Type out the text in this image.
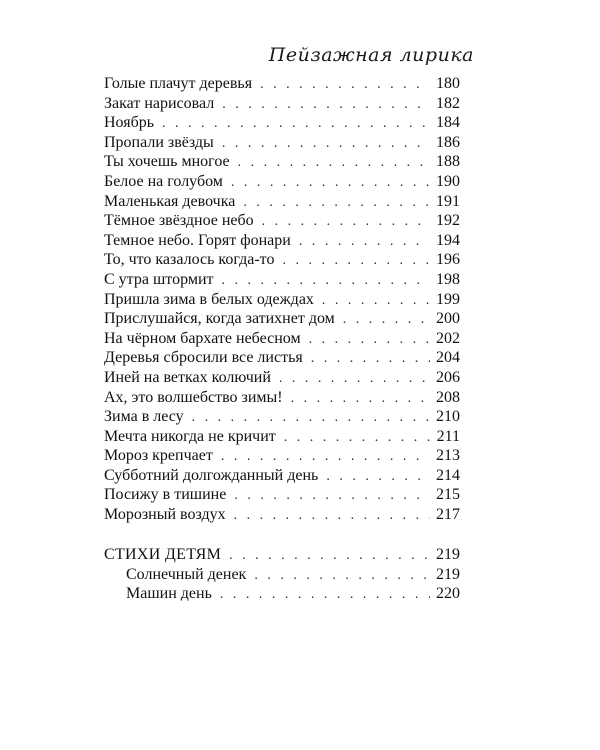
Пейзажная лирика
Голые плачут деревья . . .	180
Закат нарисовал . . .	182
Ноябрь . . .	184
Пропали звёзды . . .	186
Ты хочешь многое . . .	188
Белое на голубом . . .	190
Маленькая девочка . . .	191
Тёмное звёздное небо . . .	192
Темное небо. Горят фонари . . .	194
То, что казалось когда-то . . .	196
С утра штормит . . .	198
Пришла зима в белых одеждах . . .	199
Прислушайся, когда затихнет дом . . .	200
На чёрном бархате небесном . . .	202
Деревья сбросили все листья . . .	204
Иней на ветках колючий . . .	206
Ах, это волшебство зимы! . . .	208
Зима в лесу . . .	210
Мечта никогда не кричит . . .	211
Мороз крепчает . . .	213
Субботний долгожданный день . . .	214
Посижу в тишине . . .	215
Морозный воздух . . .	217
СТИХИ ДЕТЯМ . . .	219
Солнечный денек . . .	219
Машин день . . .	220
